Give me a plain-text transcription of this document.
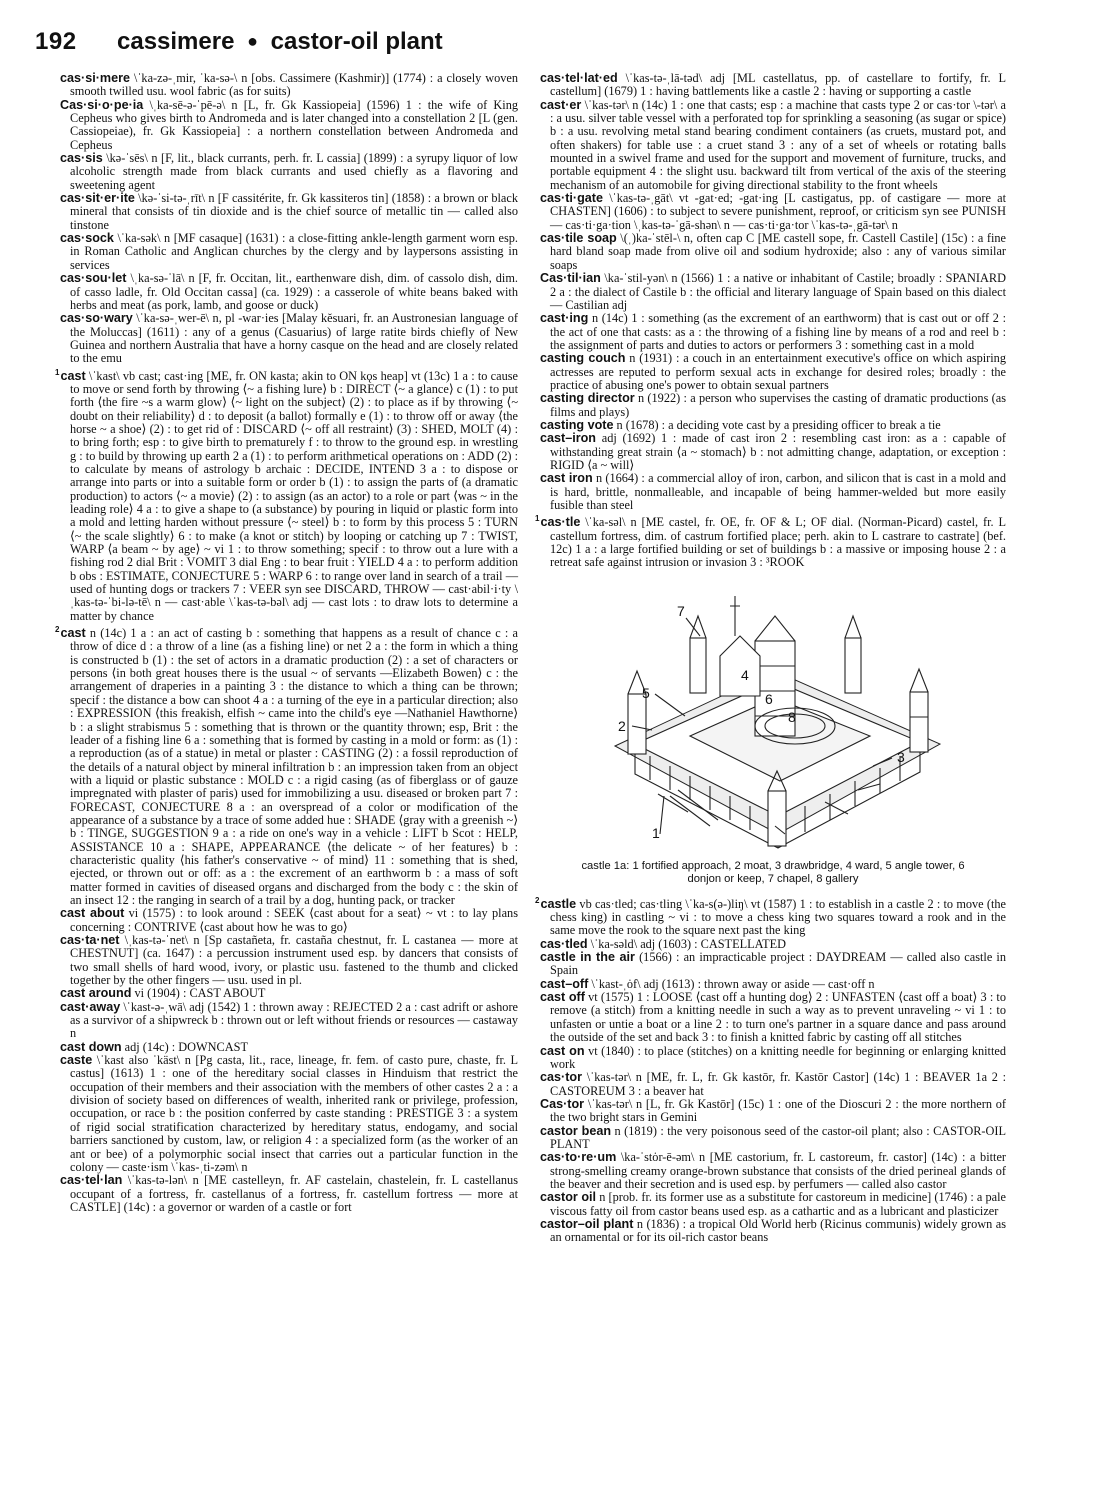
192 cassimere ● castor-oil plant

cas·si·mere \ˈka-zə-ˌmir, ˈka-sə-\ n [obs. Cassimere (Kashmir)] (1774) : a closely woven smooth twilled usu. wool fabric (as for suits)

Cas·si·o·pe·ia \ˌka-sē-ə-ˈpē-ə\ n [L, fr. Gk Kassiopeia] (1596) 1 : the wife of King Cepheus who gives birth to Andromeda and is later changed into a constellation 2 [L (gen. Cassiopeiae), fr. Gk Kassiopeia] : a northern constellation between Andromeda and Cepheus

cas·sis \kə-ˈsēs\ n [F, lit., black currants, perh. fr. L cassia] (1899) : a syrupy liquor of low alcoholic strength made from black currants and used chiefly as a flavoring and sweetening agent

cas·sit·er·ite \kə-ˈsi-tə-ˌrīt\ n [F cassitérite, fr. Gk kassiteros tin] (1858) : a brown or black mineral that consists of tin dioxide and is the chief source of metallic tin — called also tinstone

cas·sock \ˈka-sək\ n [MF casaque] (1631) : a close-fitting ankle-length garment worn esp. in Roman Catholic and Anglican churches by the clergy and by laypersons assisting in services

cas·sou·let \ˌka-sə-ˈlā\ n [F, fr. Occitan, lit., earthenware dish, dim. of cassolo dish, dim. of casso ladle, fr. Old Occitan cassa] (ca. 1929) : a casserole of white beans baked with herbs and meat (as pork, lamb, and goose or duck)

cas·so·wary \ˈka-sə-ˌwer-ē\ n, pl -war·ies [Malay kĕsuari, fr. an Austronesian language of the Moluccas] (1611) : any of a genus (Casuarius) of large ratite birds chiefly of New Guinea and northern Australia that have a horny casque on the head and are closely related to the emu

$^1$cast \ˈkast\ vb cast; cast·ing [ME, fr. ON kasta; akin to ON kǫs heap] vt (13c) 1 a : to cause to move or send forth by throwing ⟨~ a fishing lure⟩ b : DIRECT ⟨~ a glance⟩ c (1) : to put forth ⟨the fire ~s a warm glow⟩ ⟨~ light on the subject⟩ (2) : to place as if by throwing ⟨~ doubt on their reliability⟩ d : to deposit (a ballot) formally e (1) : to throw off or away ⟨the horse ~ a shoe⟩ (2) : to get rid of : DISCARD ⟨~ off all restraint⟩ (3) : SHED, MOLT (4) : to bring forth; esp : to give birth to prematurely f : to throw to the ground esp. in wrestling g : to build by throwing up earth 2 a (1) : to perform arithmetical operations on : ADD (2) : to calculate by means of astrology b archaic : DECIDE, INTEND 3 a : to dispose or arrange into parts or into a suitable form or order b (1) : to assign the parts of (a dramatic production) to actors ⟨~ a movie⟩ (2) : to assign (as an actor) to a role or part ⟨was ~ in the leading role⟩ 4 a : to give a shape to (a substance) by pouring in liquid or plastic form into a mold and letting harden without pressure ⟨~ steel⟩ b : to form by this process 5 : TURN ⟨~ the scale slightly⟩ 6 : to make (a knot or stitch) by looping or catching up 7 : TWIST, WARP ⟨a beam ~ by age⟩ ~ vi 1 : to throw something; specif : to throw out a lure with a fishing rod 2 dial Brit : VOMIT 3 dial Eng : to bear fruit : YIELD 4 a : to perform addition b obs : ESTIMATE, CONJECTURE 5 : WARP 6 : to range over land in search of a trail — used of hunting dogs or trackers 7 : VEER syn see DISCARD, THROW — cast·abil·i·ty \ˌkas-tə-ˈbi-lə-tē\ n — cast·able \ˈkas-tə-bəl\ adj — cast lots : to draw lots to determine a matter by chance

$^2$cast n (14c) 1 a : an act of casting b : something that happens as a result of chance c : a throw of dice d : a throw of a line (as a fishing line) or net 2 a : the form in which a thing is constructed b (1) : the set of actors in a dramatic production (2) : a set of characters or persons ⟨in both great houses there is the usual ~ of servants —Elizabeth Bowen⟩ c : the arrangement of draperies in a painting 3 : the distance to which a thing can be thrown; specif : the distance a bow can shoot 4 a : a turning of the eye in a particular direction; also : EXPRESSION ⟨this freakish, elfish ~ came into the child's eye —Nathaniel Hawthorne⟩ b : a slight strabismus 5 : something that is thrown or the quantity thrown; esp, Brit : the leader of a fishing line 6 a : something that is formed by casting in a mold or form: as (1) : a reproduction (as of a statue) in metal or plaster : CASTING (2) : a fossil reproduction of the details of a natural object by mineral infiltration b : an impression taken from an object with a liquid or plastic substance : MOLD c : a rigid casing (as of fiberglass or of gauze impregnated with plaster of paris) used for immobilizing a usu. diseased or broken part 7 : FORECAST, CONJECTURE 8 a : an overspread of a color or modification of the appearance of a substance by a trace of some added hue : SHADE ⟨gray with a greenish ~⟩ b : TINGE, SUGGESTION 9 a : a ride on one's way in a vehicle : LIFT b Scot : HELP, ASSISTANCE 10 a : SHAPE, APPEARANCE ⟨the delicate ~ of her features⟩ b : characteristic quality ⟨his father's conservative ~ of mind⟩ 11 : something that is shed, ejected, or thrown out or off: as a : the excrement of an earthworm b : a mass of soft matter formed in cavities of diseased organs and discharged from the body c : the skin of an insect 12 : the ranging in search of a trail by a dog, hunting pack, or tracker

cast about vi (1575) : to look around : SEEK ⟨cast about for a seat⟩ ~ vt : to lay plans concerning : CONTRIVE ⟨cast about how he was to go⟩

cas·ta·net \ˌkas-tə-ˈnet\ n [Sp castañeta, fr. castaña chestnut, fr. L castanea — more at CHESTNUT] (ca. 1647) : a percussion instrument used esp. by dancers that consists of two small shells of hard wood, ivory, or plastic usu. fastened to the thumb and clicked together by the other fingers — usu. used in pl.

cast around vi (1904) : CAST ABOUT

cast·away \ˈkast-ə-ˌwā\ adj (1542) 1 : thrown away : REJECTED 2 a : cast adrift or ashore as a survivor of a shipwreck b : thrown out or left without friends or resources — castaway n

cast down adj (14c) : DOWNCAST

caste \ˈkast also ˈkäst\ n [Pg casta, lit., race, lineage, fr. fem. of casto pure, chaste, fr. L castus] (1613) 1 : one of the hereditary social classes in Hinduism that restrict the occupation of their members and their association with the members of other castes 2 a : a division of society based on differences of wealth, inherited rank or privilege, profession, occupation, or race b : the position conferred by caste standing : PRESTIGE 3 : a system of rigid social stratification characterized by hereditary status, endogamy, and social barriers sanctioned by custom, law, or religion 4 : a specialized form (as the worker of an ant or bee) of a polymorphic social insect that carries out a particular function in the colony — caste·ism \ˈkas-ˌti-zəm\ n

cas·tel·lan \ˈkas-tə-lən\ n [ME castelleyn, fr. AF castelain, chastelein, fr. L castellanus occupant of a fortress, fr. castellanus of a fortress, fr. castellum fortress — more at CASTLE] (14c) : a governor or warden of a castle or fort

cas·tel·lat·ed \ˈkas-tə-ˌlā-təd\ adj [ML castellatus, pp. of castellare to fortify, fr. L castellum] (1679) 1 : having battlements like a castle 2 : having or supporting a castle

cast·er \ˈkas-tər\ n (14c) 1 : one that casts; esp : a machine that casts type 2 or cas·tor \-tər\ a : a usu. silver table vessel with a perforated top for sprinkling a seasoning (as sugar or spice) b : a usu. revolving metal stand bearing condiment containers (as cruets, mustard pot, and often shakers) for table use : a cruet stand 3 : any of a set of wheels or rotating balls mounted in a swivel frame and used for the support and movement of furniture, trucks, and portable equipment 4 : the slight usu. backward tilt from vertical of the axis of the steering mechanism of an automobile for giving directional stability to the front wheels

cas·ti·gate \ˈkas-tə-ˌgāt\ vt -gat·ed; -gat·ing [L castigatus, pp. of castigare — more at CHASTEN] (1606) : to subject to severe punishment, reproof, or criticism syn see PUNISH — cas·ti·ga·tion \ˌkas-tə-ˈgā-shən\ n — cas·ti·ga·tor \ˈkas-tə-ˌgā-tər\ n

cas·tile soap \(ˌ)ka-ˈstēl-\ n, often cap C [ME castell sope, fr. Castell Castile] (15c) : a fine hard bland soap made from olive oil and sodium hydroxide; also : any of various similar soaps

Cas·til·ian \ka-ˈstil-yən\ n (1566) 1 : a native or inhabitant of Castile; broadly : SPANIARD 2 a : the dialect of Castile b : the official and literary language of Spain based on this dialect — Castilian adj

cast·ing n (14c) 1 : something (as the excrement of an earthworm) that is cast out or off 2 : the act of one that casts: as a : the throwing of a fishing line by means of a rod and reel b : the assignment of parts and duties to actors or performers 3 : something cast in a mold

casting couch n (1931) : a couch in an entertainment executive's office on which aspiring actresses are reputed to perform sexual acts in exchange for desired roles; broadly : the practice of abusing one's power to obtain sexual partners

casting director n (1922) : a person who supervises the casting of dramatic productions (as films and plays)

casting vote n (1678) : a deciding vote cast by a presiding officer to break a tie

cast–iron adj (1692) 1 : made of cast iron 2 : resembling cast iron: as a : capable of withstanding great strain ⟨a ~ stomach⟩ b : not admitting change, adaptation, or exception : RIGID ⟨a ~ will⟩

cast iron n (1664) : a commercial alloy of iron, carbon, and silicon that is cast in a mold and is hard, brittle, nonmalleable, and incapable of being hammer-welded but more easily fusible than steel

$^1$cas·tle \ˈka-səl\ n [ME castel, fr. OE, fr. OF & L; OF dial. (Norman-Picard) castel, fr. L castellum fortress, dim. of castrum fortified place; perh. akin to L castrare to castrate] (bef. 12c) 1 a : a large fortified building or set of buildings b : a massive or imposing house 2 : a retreat safe against intrusion or invasion 3 : ³ROOK

1
2
3
4
5	6
7
8
castle 1a: 1 fortified approach, 2 moat, 3 drawbridge, 4 ward, 5 angle tower, 6 donjon or keep, 7 chapel, 8 gallery

$^2$castle vb cas·tled; cas·tling \ˈka-s(ə-)liŋ\ vt (1587) 1 : to establish in a castle 2 : to move (the chess king) in castling ~ vi : to move a chess king two squares toward a rook and in the same move the rook to the square next past the king

cas·tled \ˈka-səld\ adj (1603) : CASTELLATED

castle in the air (1566) : an impracticable project : DAYDREAM — called also castle in Spain

cast–off \ˈkast-ˌȯf\ adj (1613) : thrown away or aside — cast·off n

cast off vt (1575) 1 : LOOSE ⟨cast off a hunting dog⟩ 2 : UNFASTEN ⟨cast off a boat⟩ 3 : to remove (a stitch) from a knitting needle in such a way as to prevent unraveling ~ vi 1 : to unfasten or untie a boat or a line 2 : to turn one's partner in a square dance and pass around the outside of the set and back 3 : to finish a knitted fabric by casting off all stitches

cast on vt (1840) : to place (stitches) on a knitting needle for beginning or enlarging knitted work

cas·tor \ˈkas-tər\ n [ME, fr. L, fr. Gk kastōr, fr. Kastōr Castor] (14c) 1 : BEAVER 1a 2 : CASTOREUM 3 : a beaver hat

Cas·tor \ˈkas-tər\ n [L, fr. Gk Kastōr] (15c) 1 : one of the Dioscuri 2 : the more northern of the two bright stars in Gemini

castor bean n (1819) : the very poisonous seed of the castor-oil plant; also : CASTOR-OIL PLANT

cas·to·re·um \ka-ˈstȯr-ē-əm\ n [ME castorium, fr. L castoreum, fr. castor] (14c) : a bitter strong-smelling creamy orange-brown substance that consists of the dried perineal glands of the beaver and their secretion and is used esp. by perfumers — called also castor

castor oil n [prob. fr. its former use as a substitute for castoreum in medicine] (1746) : a pale viscous fatty oil from castor beans used esp. as a cathartic and as a lubricant and plasticizer

castor–oil plant n (1836) : a tropical Old World herb (Ricinus communis) widely grown as an ornamental or for its oil-rich castor beans
